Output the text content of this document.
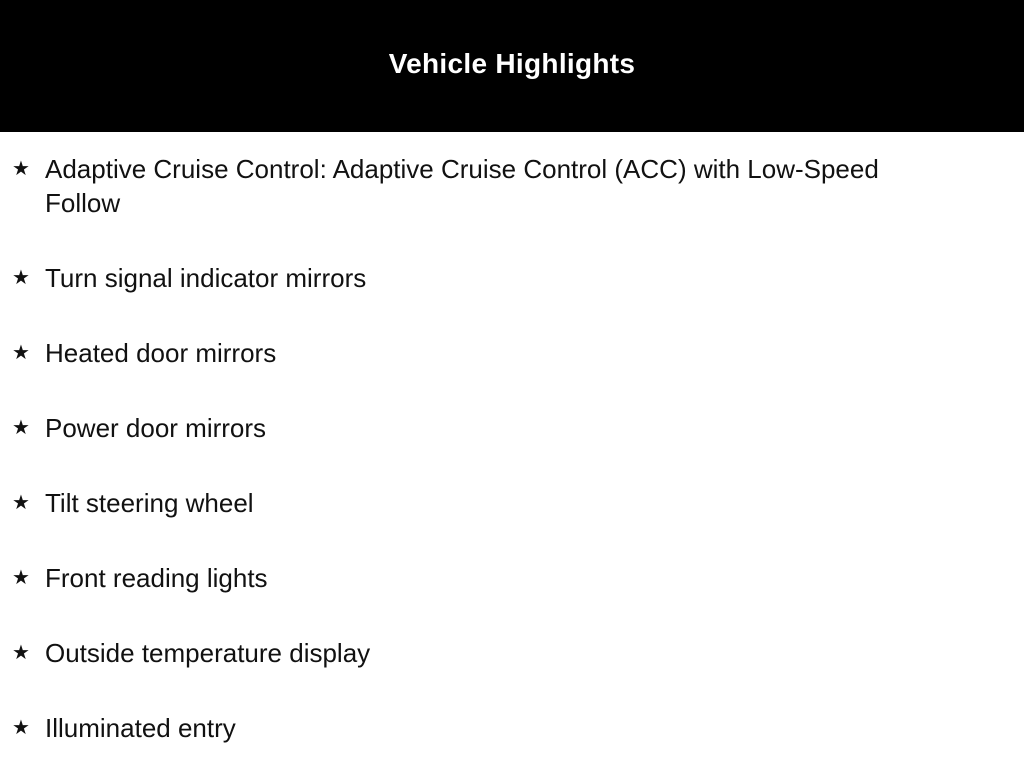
Vehicle Highlights
★ Adaptive Cruise Control: Adaptive Cruise Control (ACC) with Low-Speed Follow
★ Turn signal indicator mirrors
★ Heated door mirrors
★ Power door mirrors
★ Tilt steering wheel
★ Front reading lights
★ Outside temperature display
★ Illuminated entry
